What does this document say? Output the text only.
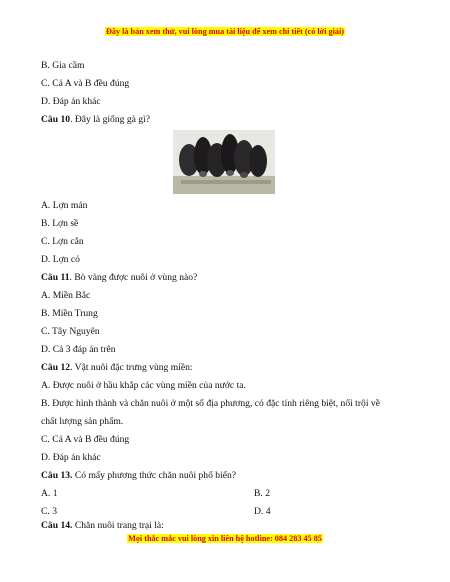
Đây là bản xem thử, vui lòng mua tài liệu để xem chi tiết (có lời giải)
B. Gia cầm
C. Cả A và B đều đúng
D. Đáp án khác
Câu 10. Đây là giống gà gì?
A. Lợn mán
B. Lợn sề
C. Lợn cắn
D. Lợn cỏ
Câu 11. Bò vàng được nuôi ở vùng nào?
A. Miền Bắc
B. Miền Trung
C. Tây Nguyên
D. Cả 3 đáp án trên
Câu 12. Vật nuôi đặc trưng vùng miền:
A. Được nuôi ở hầu khắp các vùng miền của nước ta.
B. Được hình thành và chăn nuôi ở một số địa phương, có đặc tính riêng biệt, nổi trội về
chất lượng sản phẩm.
C. Cả A và B đều đúng
D. Đáp án khác
Câu 13. Có mấy phương thức chăn nuôi phổ biến?
A. 1	B. 2
C. 3	D. 4
Câu 14. Chăn nuôi trang trại là:
Mọi thắc mắc vui lòng xin liên hệ hotline: 084 283 45 85
